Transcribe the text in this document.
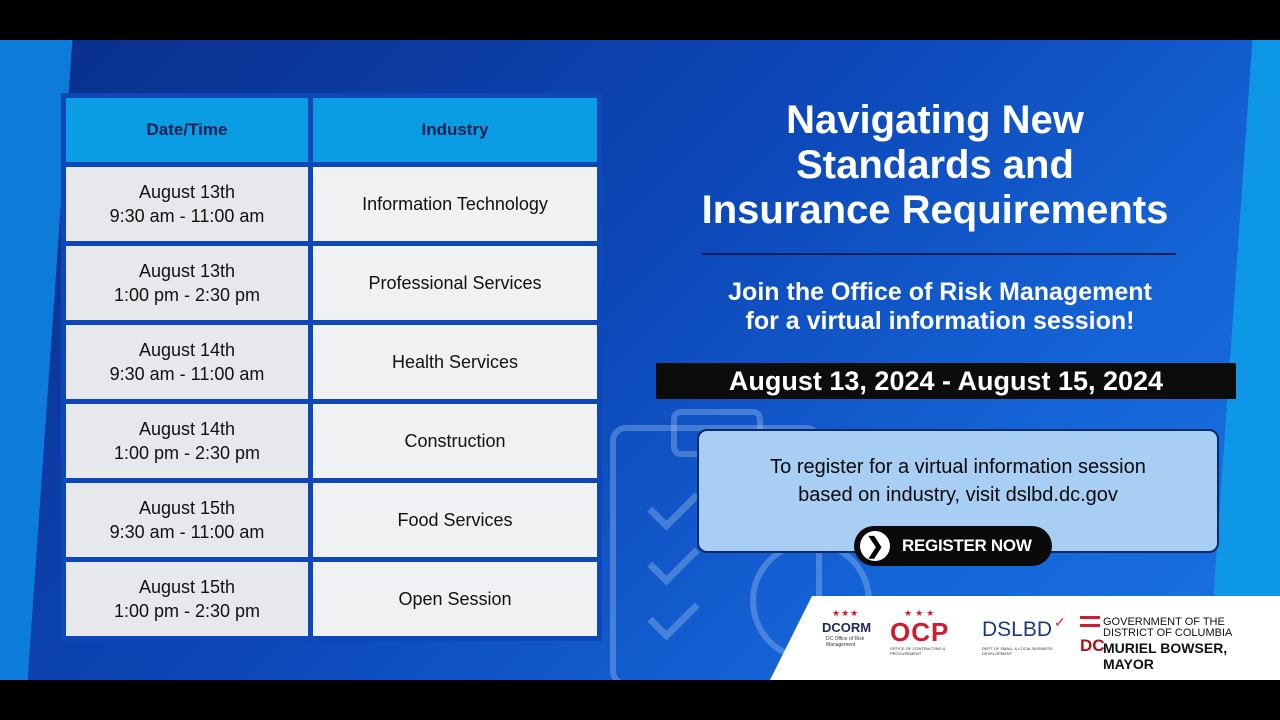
Date/Time	Industry
August 13th
9:30 am - 11:00 am	Information Technology
August 13th
1:00 pm - 2:30 pm	Professional Services
August 14th
9:30 am - 11:00 am	Health Services
August 14th
1:00 pm - 2:30 pm	Construction
August 15th
9:30 am - 11:00 am	Food Services
August 15th
1:00 pm - 2:30 pm	Open Session
Navigating New
Standards and
Insurance Requirements
Join the Office of Risk Management
for a virtual information session!
August 13, 2024 - August 15, 2024
To register for a virtual information session
based on industry, visit dslbd.dc.gov
❯	REGISTER NOW
★★★
DCORM
DC Office of Risk Management
★★★
OCP
OFFICE OF CONTRACTING & PROCUREMENT
DSLBD ✓
DEPT OF SMALL & LOCAL BUSINESS DEVELOPMENT	DC
GOVERNMENT OF THE
DISTRICT OF COLUMBIA
MURIEL BOWSER, MAYOR
